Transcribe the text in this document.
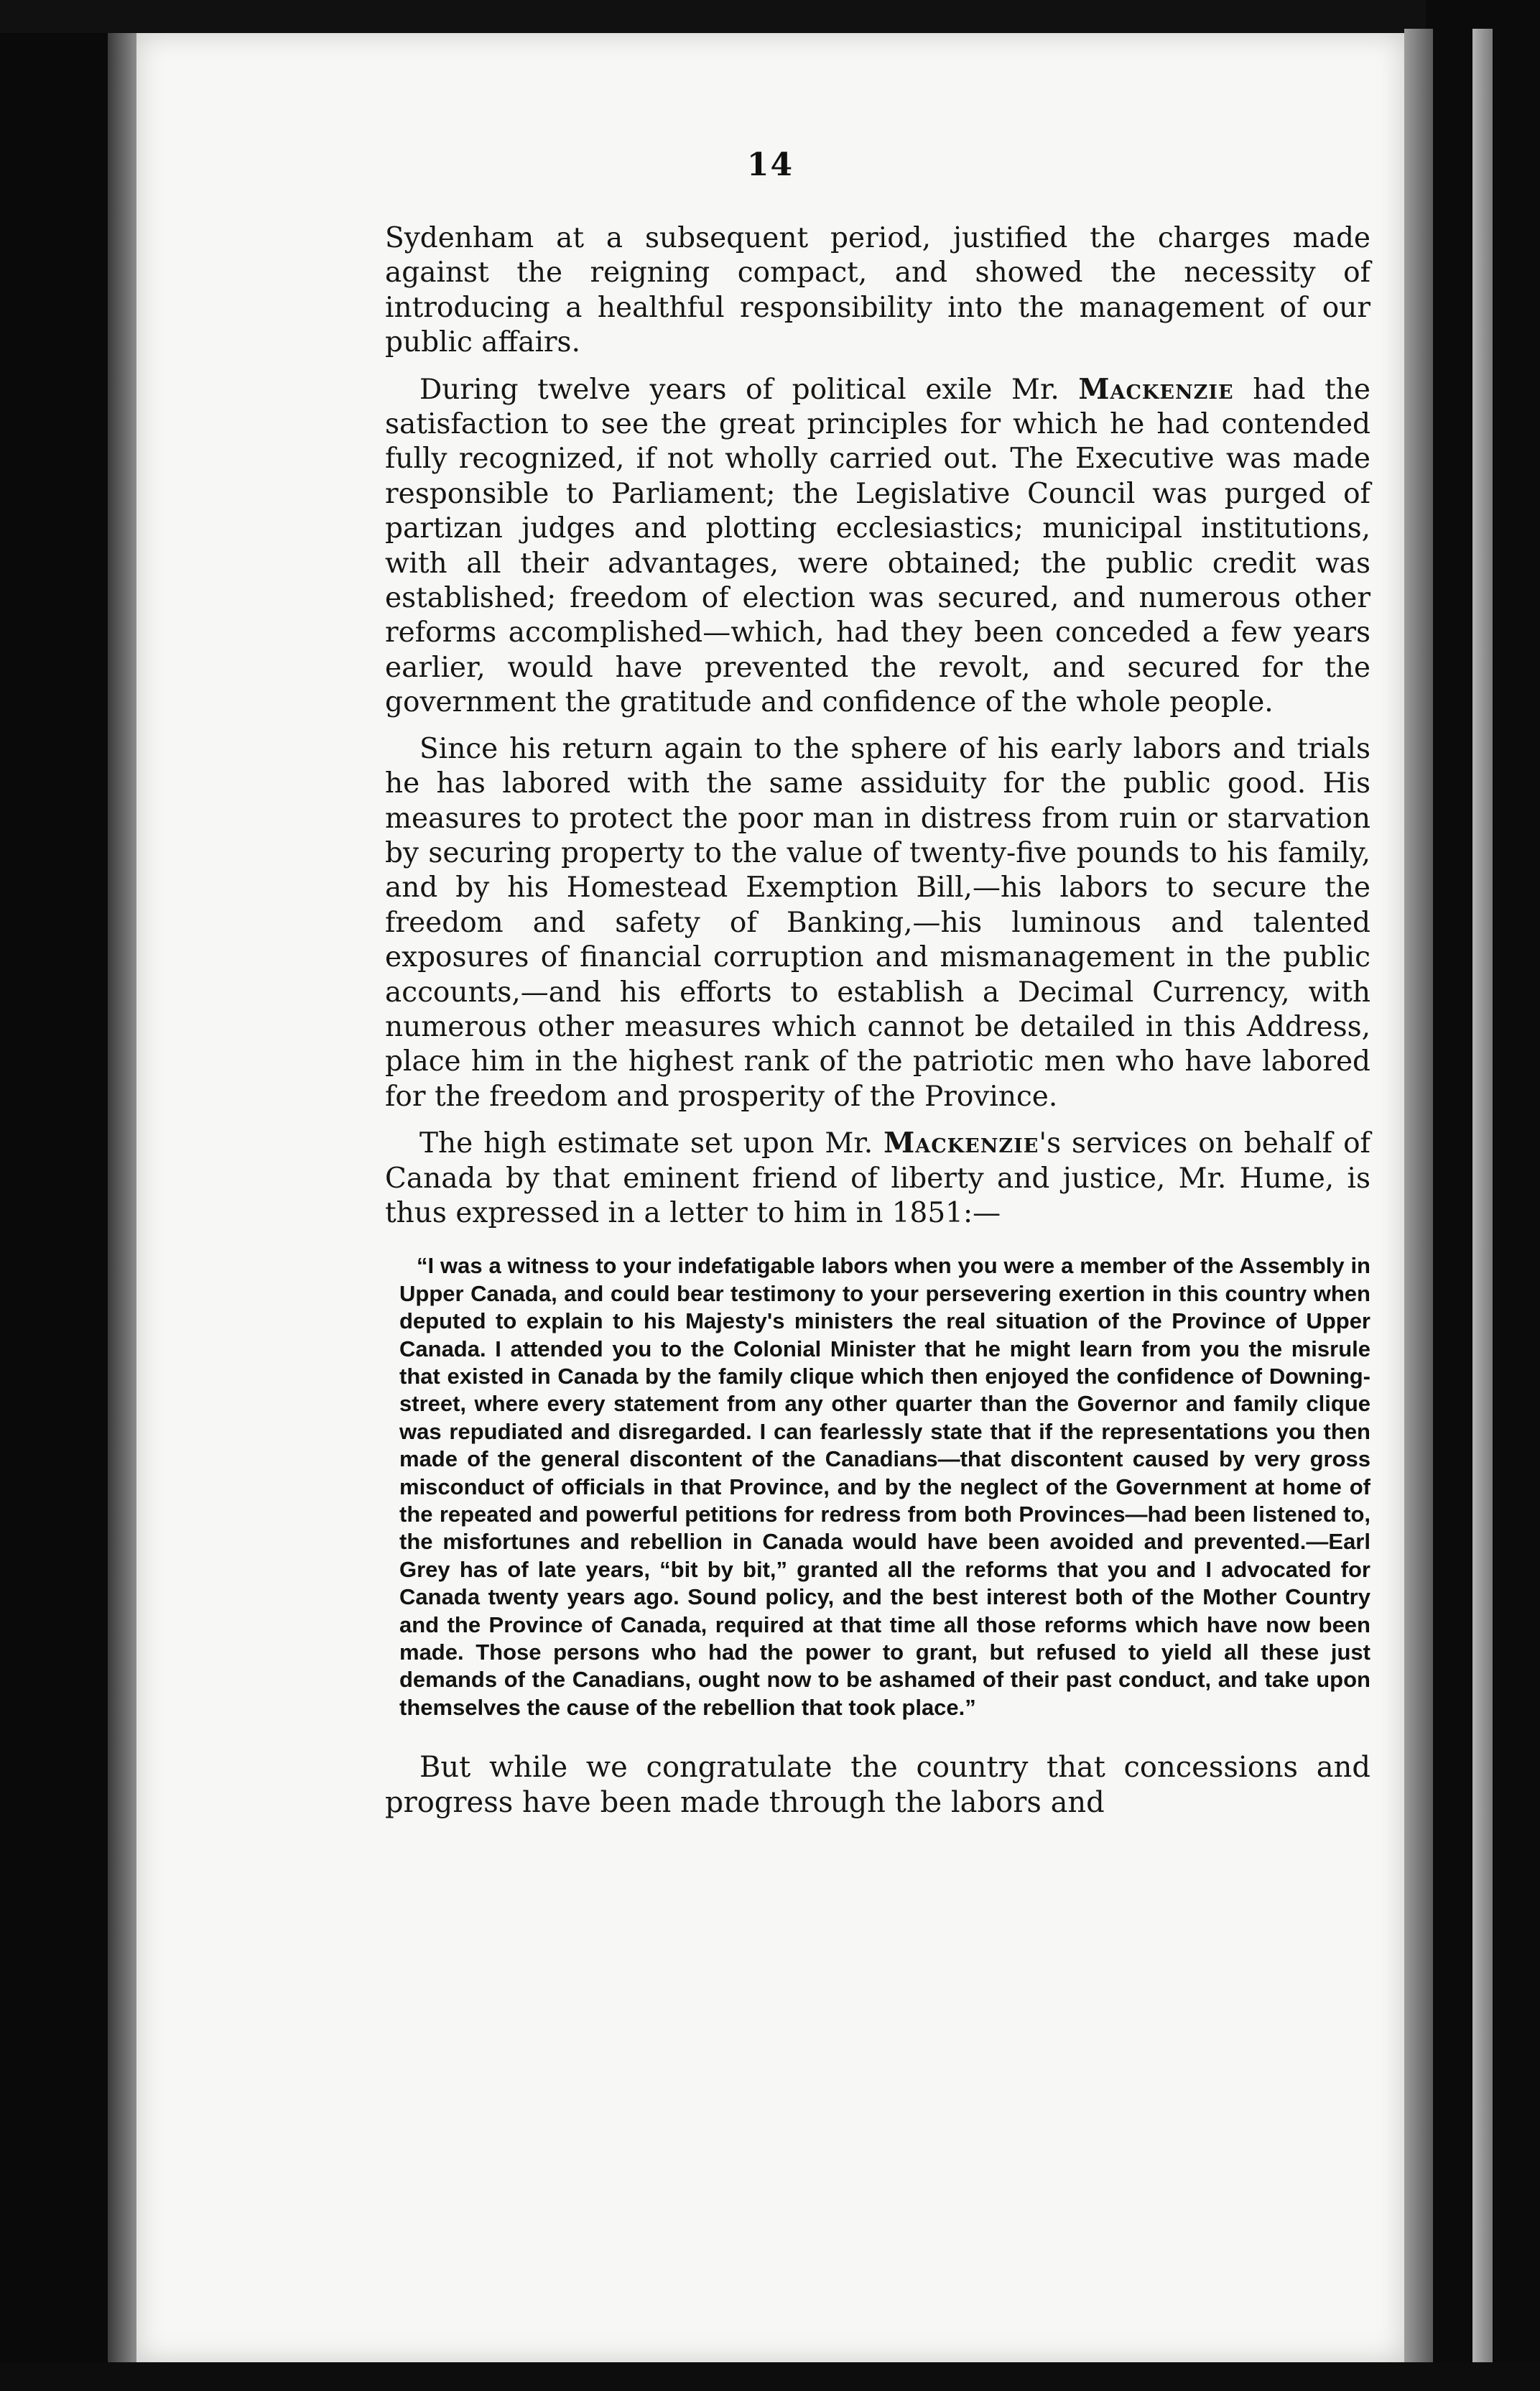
14

Sydenham at a subsequent period, justified the charges made against the reigning compact, and showed the necessity of introducing a healthful responsibility into the management of our public affairs.

During twelve years of political exile Mr. Mackenzie had the satisfaction to see the great principles for which he had contended fully recognized, if not wholly carried out. The Executive was made responsible to Parliament; the Legislative Council was purged of partizan judges and plotting ecclesiastics; municipal institutions, with all their advantages, were obtained; the public credit was established; freedom of election was secured, and numerous other reforms accomplished—which, had they been conceded a few years earlier, would have prevented the revolt, and secured for the government the gratitude and confidence of the whole people.

Since his return again to the sphere of his early labors and trials he has labored with the same assiduity for the public good. His measures to protect the poor man in distress from ruin or starvation by securing property to the value of twenty-five pounds to his family, and by his Homestead Exemption Bill,—his labors to secure the freedom and safety of Banking,—his luminous and talented exposures of financial corruption and mismanagement in the public accounts,—and his efforts to establish a Decimal Currency, with numerous other measures which cannot be detailed in this Address, place him in the highest rank of the patriotic men who have labored for the freedom and prosperity of the Province.

The high estimate set upon Mr. Mackenzie's services on behalf of Canada by that eminent friend of liberty and justice, Mr. Hume, is thus expressed in a letter to him in 1851:—

“I was a witness to your indefatigable labors when you were a member of the Assembly in Upper Canada, and could bear testimony to your persevering exertion in this country when deputed to explain to his Majesty's ministers the real situation of the Province of Upper Canada. I attended you to the Colonial Minister that he might learn from you the misrule that existed in Canada by the family clique which then enjoyed the confidence of Downing-street, where every statement from any other quarter than the Governor and family clique was repudiated and disregarded. I can fearlessly state that if the representations you then made of the general discontent of the Canadians—that discontent caused by very gross misconduct of officials in that Province, and by the neglect of the Government at home of the repeated and powerful petitions for redress from both Provinces—had been listened to, the misfortunes and rebellion in Canada would have been avoided and prevented.—Earl Grey has of late years, “bit by bit,” granted all the reforms that you and I advocated for Canada twenty years ago. Sound policy, and the best interest both of the Mother Country and the Province of Canada, required at that time all those reforms which have now been made. Those persons who had the power to grant, but refused to yield all these just demands of the Canadians, ought now to be ashamed of their past conduct, and take upon themselves the cause of the rebellion that took place.”

But while we congratulate the country that concessions and progress have been made through the labors and
